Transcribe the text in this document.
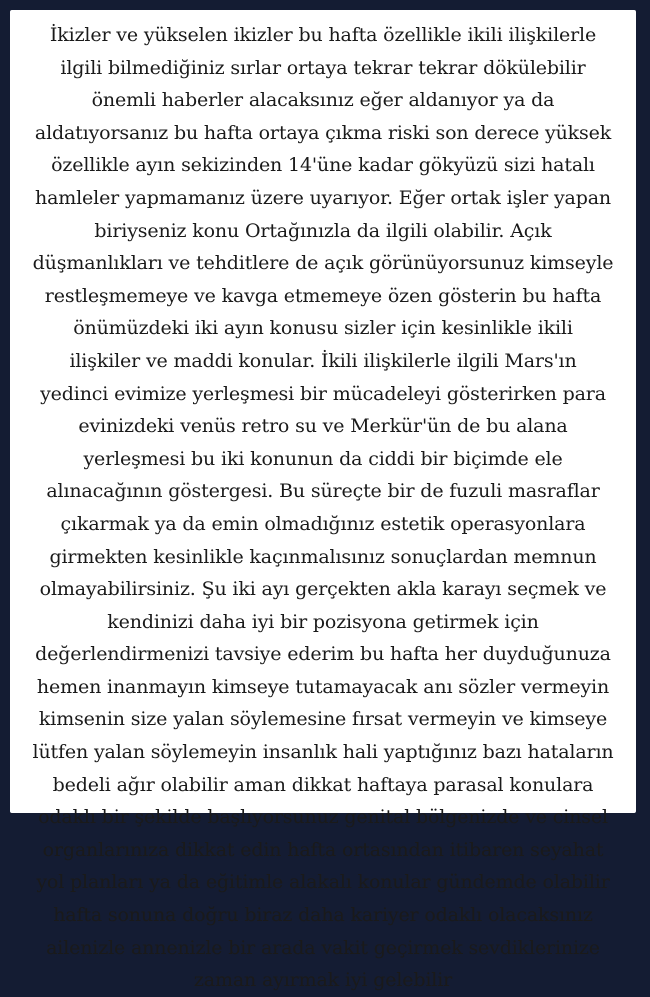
İkizler ve yükselen ikizler bu hafta özellikle ikili ilişkilerle
ilgili bilmediğiniz sırlar ortaya tekrar tekrar dökülebilir
önemli haberler alacaksınız eğer aldanıyor ya da
aldatıyorsanız bu hafta ortaya çıkma riski son derece yüksek
özellikle ayın sekizinden 14'üne kadar gökyüzü sizi hatalı
hamleler yapmamanız üzere uyarıyor. Eğer ortak işler yapan
biriyseniz konu Ortağınızla da ilgili olabilir. Açık
düşmanlıkları ve tehditlere de açık görünüyorsunuz kimseyle
restleşmemeye ve kavga etmemeye özen gösterin bu hafta
önümüzdeki iki ayın konusu sizler için kesinlikle ikili
ilişkiler ve maddi konular. İkili ilişkilerle ilgili Mars'ın
yedinci evimize yerleşmesi bir mücadeleyi gösterirken para
evinizdeki venüs retro su ve Merkür'ün de bu alana
yerleşmesi bu iki konunun da ciddi bir biçimde ele
alınacağının göstergesi. Bu süreçte bir de fuzuli masraflar
çıkarmak ya da emin olmadığınız estetik operasyonlara
girmekten kesinlikle kaçınmalısınız sonuçlardan memnun
olmayabilirsiniz. Şu iki ayı gerçekten akla karayı seçmek ve
kendinizi daha iyi bir pozisyona getirmek için
değerlendirmenizi tavsiye ederim bu hafta her duyduğunuza
hemen inanmayın kimseye tutamayacak anı sözler vermeyin
kimsenin size yalan söylemesine fırsat vermeyin ve kimseye
lütfen yalan söylemeyin insanlık hali yaptığınız bazı hataların
bedeli ağır olabilir aman dikkat haftaya parasal konulara
odaklı bir şekilde başlıyorsunuz genital bölgenizde ve cinsel
organlarınıza dikkat edin hafta ortasından itibaren seyahat
yol planları ya da eğitimle alakalı konular gündemde olabilir
hafta sonuna doğru biraz daha kariyer odaklı olacaksınız
ailenizle annenizle bir arada vakit geçirmek sevdiklerinize
zaman ayırmak iyi gelebilir
